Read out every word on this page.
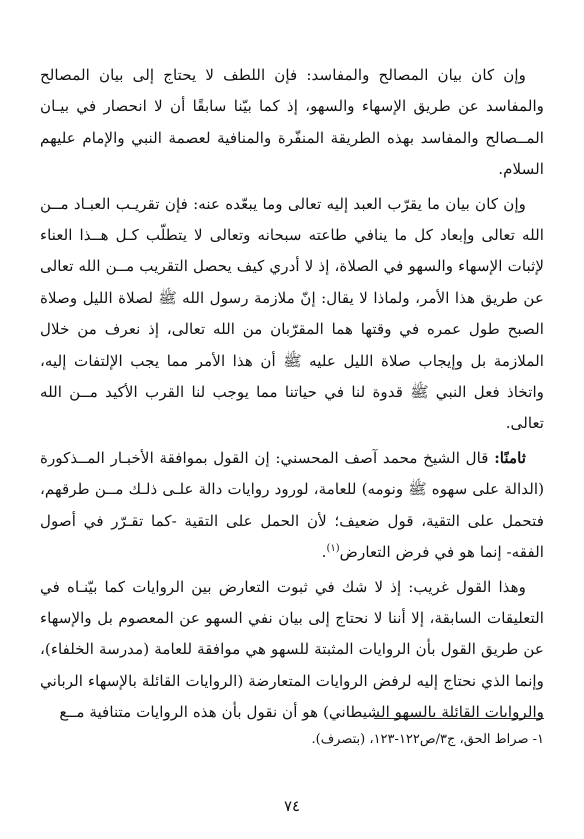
وإن كان بيان المصالح والمفاسد: فإن اللطف لا يحتاج إلى بيان المصالح والمفاسد عن طريق الإسهاء والسهو، إذ كما بيّنا سابقًا أن لا انحصار في بيـان المــصالح والمفاسد بهذه الطريقة المنفّرة والمنافية لعصمة النبي والإمام عليهم السلام.

وإن كان بيان ما يقرّب العبد إليه تعالى وما يبعّده عنه: فإن تقريـب العبـاد مــن الله تعالى وإبعاد كل ما ينافي طاعته سبحانه وتعالى لا يتطلّب كـل هــذا العناء لإثبات الإسهاء والسهو في الصلاة، إذ لا أدري كيف يحصل التقريب مــن الله تعالى عن طريق هذا الأمر، ولماذا لا يقال: إنّ ملازمة رسول الله ﷺ لصلاة الليل وصلاة الصبح طول عمره في وقتها هما المقرّبان من الله تعالى، إذ نعرف من خلال الملازمة بل وإيجاب صلاة الليل عليه ﷺ أن هذا الأمر مما يجب الإلتفات إليه، واتخاذ فعل النبي ﷺ قدوة لنا في حياتنا مما يوجب لنا القرب الأكيد مــن الله تعالى.

ثامنًا: قال الشيخ محمد آصف المحسني: إن القول بموافقة الأخبـار المــذكورة (الدالة على سهوه ﷺ ونومه) للعامة، لورود روايات دالة علـى ذلـك مــن طرقهم، فتحمل على التقية، قول ضعيف؛ لأن الحمل على التقية -كما تقـرّر في أصول الفقه- إنما هو في فرض التعارض$^{(١)}$.

وهذا القول غريب: إذ لا شك في ثبوت التعارض بين الروايات كما بيّنـاه في التعليقات السابقة، إلا أننا لا نحتاج إلى بيان نفي السهو عن المعصوم بل والإسهاء عن طريق القول بأن الروايات المثبتة للسهو هي موافقة للعامة (مدرسة الخلفاء)، وإنما الذي نحتاج إليه لرفض الروايات المتعارضة (الروايات القائلة بالإسهاء الرباني والروايات القائلة بالسهو الشيطاني) هو أن نقول بأن هذه الروايات متنافية مــع

١- صراط الحق، ج٣/ص١٢٢-١٢٣، (بتصرف).
٧٤
